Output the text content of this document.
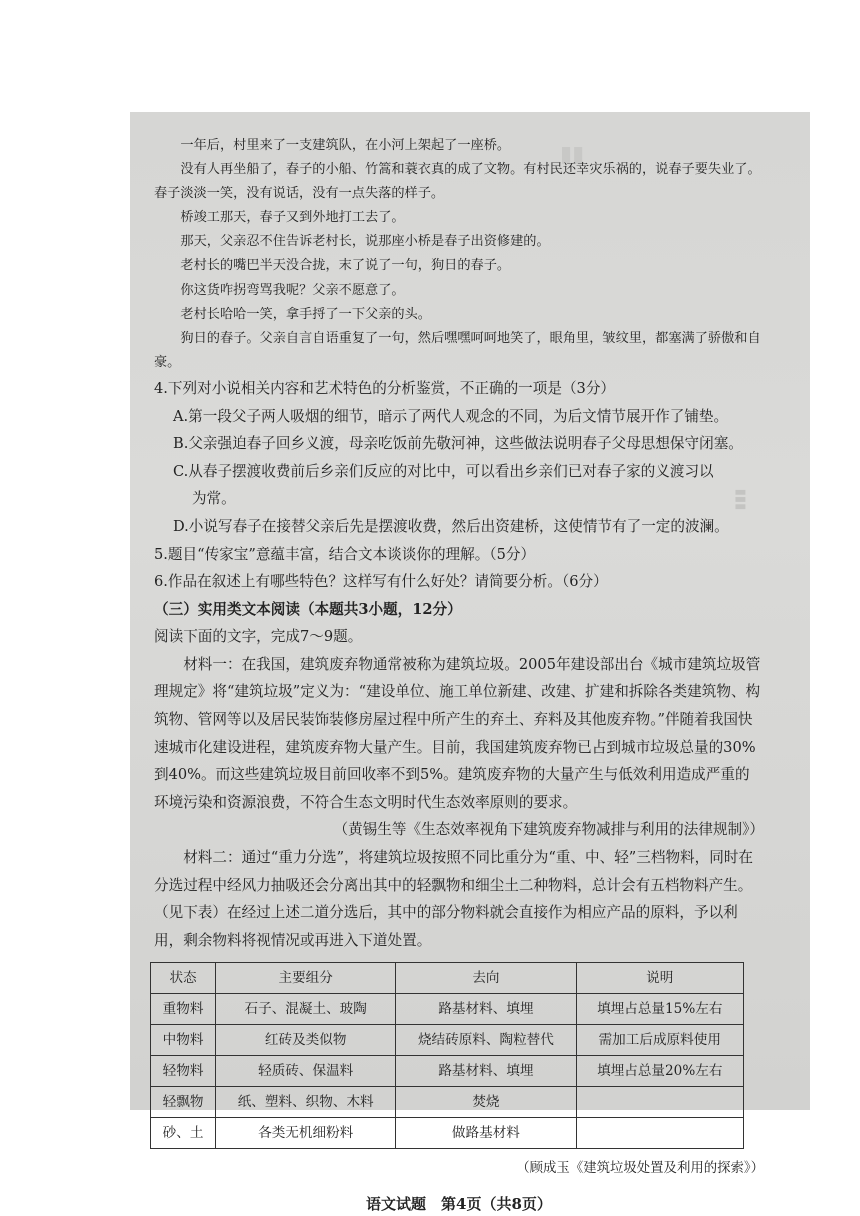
▮▮
▮▮▮

一年后，村里来了一支建筑队，在小河上架起了一座桥。

没有人再坐船了，春子的小船、竹篙和蓑衣真的成了文物。有村民还幸灾乐祸的，说春子要失业了。春子淡淡一笑，没有说话，没有一点失落的样子。

桥竣工那天，春子又到外地打工去了。

那天，父亲忍不住告诉老村长，说那座小桥是春子出资修建的。

老村长的嘴巴半天没合拢，末了说了一句，狗日的春子。

你这货咋拐弯骂我呢？父亲不愿意了。

老村长哈哈一笑，拿手捋了一下父亲的头。

狗日的春子。父亲自言自语重复了一句，然后嘿嘿呵呵地笑了，眼角里，皱纹里，都塞满了骄傲和自豪。

4.下列对小说相关内容和艺术特色的分析鉴赏，不正确的一项是（3分）

A.第一段父子两人吸烟的细节，暗示了两代人观念的不同，为后文情节展开作了铺垫。

B.父亲强迫春子回乡义渡，母亲吃饭前先敬河神，这些做法说明春子父母思想保守闭塞。

C.从春子摆渡收费前后乡亲们反应的对比中，可以看出乡亲们已对春子家的义渡习以

为常。

D.小说写春子在接替父亲后先是摆渡收费，然后出资建桥，这使情节有了一定的波澜。

5.题目“传家宝”意蕴丰富，结合文本谈谈你的理解。（5分）

6.作品在叙述上有哪些特色？这样写有什么好处？请简要分析。（6分）

（三）实用类文本阅读（本题共3小题，12分）

阅读下面的文字，完成7～9题。

材料一：在我国，建筑废弃物通常被称为建筑垃圾。2005年建设部出台《城市建筑垃圾管理规定》将“建筑垃圾”定义为：“建设单位、施工单位新建、改建、扩建和拆除各类建筑物、构筑物、管网等以及居民装饰装修房屋过程中所产生的弃土、弃料及其他废弃物。”伴随着我国快速城市化建设进程，建筑废弃物大量产生。目前，我国建筑废弃物已占到城市垃圾总量的30%到40%。而这些建筑垃圾目前回收率不到5%。建筑废弃物的大量产生与低效利用造成严重的环境污染和资源浪费，不符合生态文明时代生态效率原则的要求。

（黄锡生等《生态效率视角下建筑废弃物减排与利用的法律规制》）

材料二：通过“重力分选”，将建筑垃圾按照不同比重分为“重、中、轻”三档物料，同时在分选过程中经风力抽吸还会分离出其中的轻飘物和细尘土二种物料，总计会有五档物料产生。（见下表）在经过上述二道分选后，其中的部分物料就会直接作为相应产品的原料，予以利用，剩余物料将视情况或再进入下道处置。

状态	主要组分	去向	说明
重物料	石子、混凝土、玻陶	路基材料、填埋	填埋占总量15%左右
中物料	红砖及类似物	烧结砖原料、陶粒替代	需加工后成原料使用
轻物料	轻质砖、保温料	路基材料、填埋	填埋占总量20%左右
轻飘物	纸、塑料、织物、木料	焚烧	
砂、土	各类无机细粉料	做路基材料	

（顾成玉《建筑垃圾处置及利用的探索》）

语文试题　第4页（共8页）
